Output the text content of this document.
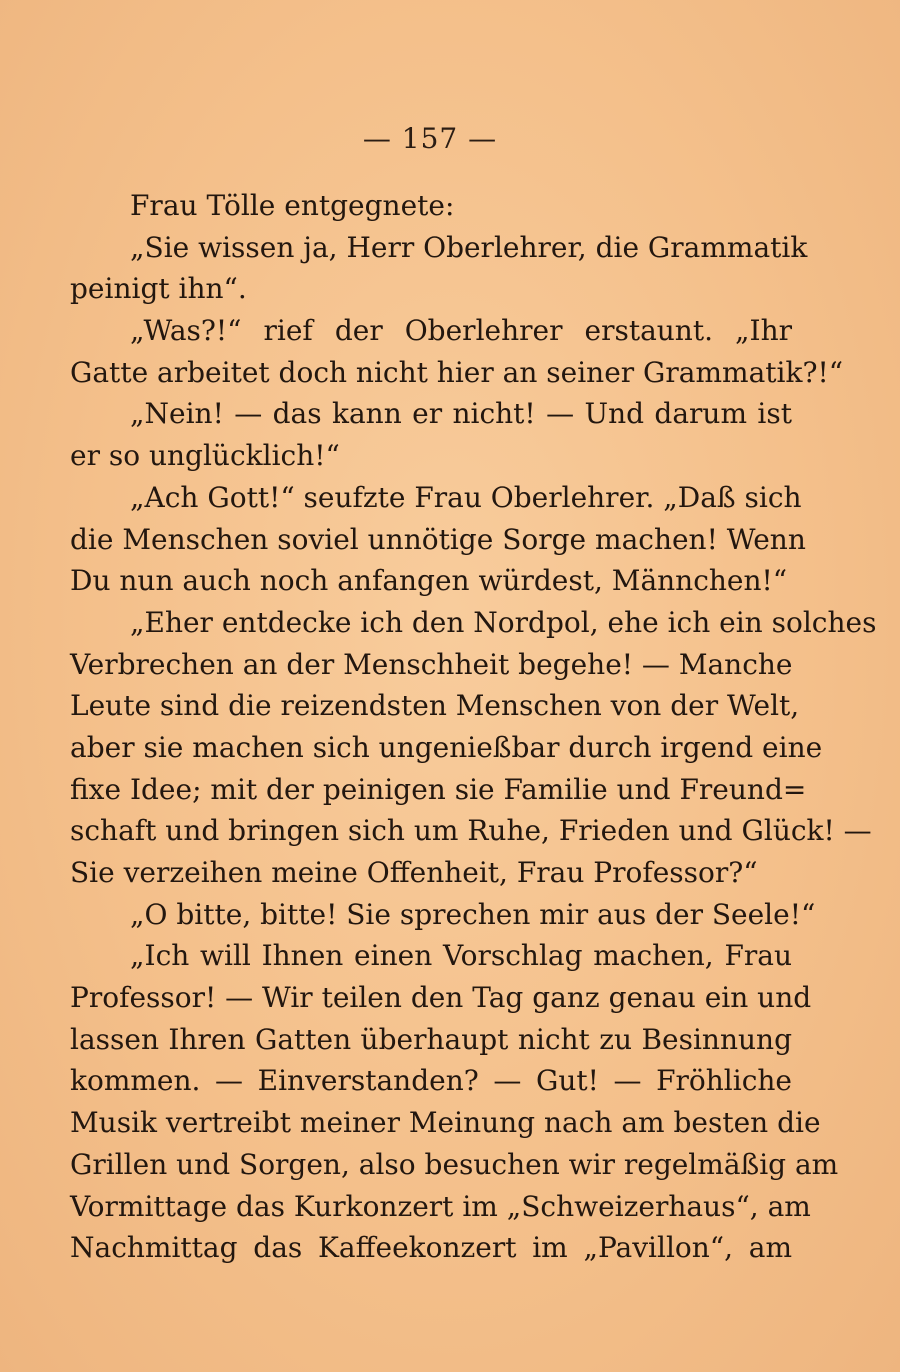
— 157 —
Frau Tölle entgegnete:
„Sie wissen ja, Herr Oberlehrer, die Grammatik
peinigt ihn“.
„Was?!“ rief der Oberlehrer erstaunt. „Ihr
Gatte arbeitet doch nicht hier an seiner Grammatik?!“
„Nein! — das kann er nicht! — Und darum ist
er so unglücklich!“
„Ach Gott!“ seufzte Frau Oberlehrer. „Daß sich
die Menschen soviel unnötige Sorge machen! Wenn
Du nun auch noch anfangen würdest, Männchen!“
„Eher entdecke ich den Nordpol, ehe ich ein solches
Verbrechen an der Menschheit begehe! — Manche
Leute sind die reizendsten Menschen von der Welt,
aber sie machen sich ungenießbar durch irgend eine
fixe Idee; mit der peinigen sie Familie und Freund=
schaft und bringen sich um Ruhe, Frieden und Glück! —
Sie verzeihen meine Offenheit, Frau Professor?“
„O bitte, bitte! Sie sprechen mir aus der Seele!“
„Ich will Ihnen einen Vorschlag machen, Frau
Professor! — Wir teilen den Tag ganz genau ein und
lassen Ihren Gatten überhaupt nicht zu Besinnung
kommen. — Einverstanden? — Gut! — Fröhliche
Musik vertreibt meiner Meinung nach am besten die
Grillen und Sorgen, also besuchen wir regelmäßig am
Vormittage das Kurkonzert im „Schweizerhaus“, am
Nachmittag das Kaffeekonzert im „Pavillon“, am
